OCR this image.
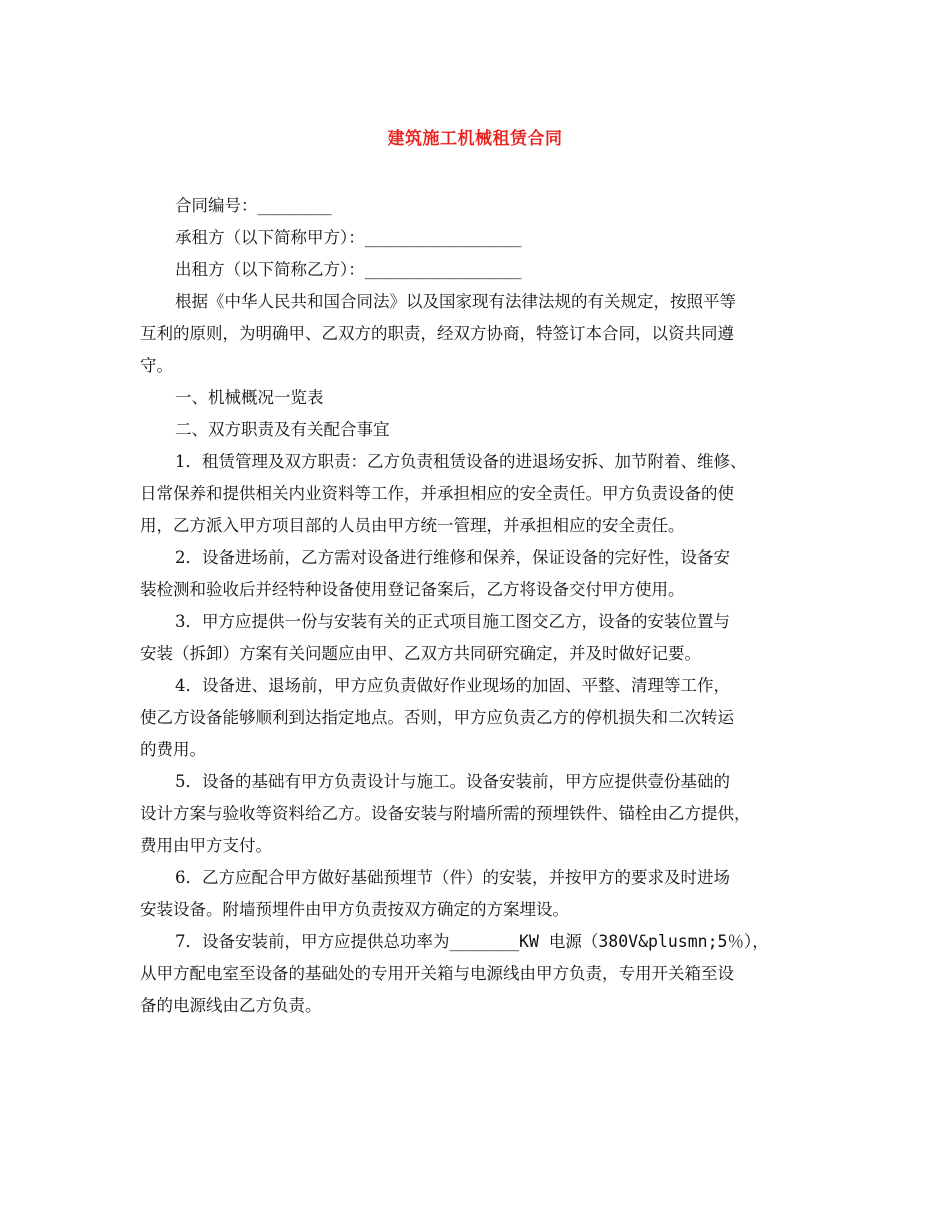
建筑施工机械租赁合同

合同编号：_________

承租方（以下简称甲方）：___________________

出租方（以下简称乙方）：___________________

根据《中华人民共和国合同法》以及国家现有法律法规的有关规定，按照平等

互利的原则，为明确甲、乙双方的职责，经双方协商，特签订本合同，以资共同遵

守。

一、机械概况一览表

二、双方职责及有关配合事宜

1．租赁管理及双方职责：乙方负责租赁设备的进退场安拆、加节附着、维修、

日常保养和提供相关内业资料等工作，并承担相应的安全责任。甲方负责设备的使

用，乙方派入甲方项目部的人员由甲方统一管理，并承担相应的安全责任。

2．设备进场前，乙方需对设备进行维修和保养，保证设备的完好性，设备安

装检测和验收后并经特种设备使用登记备案后，乙方将设备交付甲方使用。

3．甲方应提供一份与安装有关的正式项目施工图交乙方，设备的安装位置与

安装（拆卸）方案有关问题应由甲、乙双方共同研究确定，并及时做好记要。

4．设备进、退场前，甲方应负责做好作业现场的加固、平整、清理等工作，

使乙方设备能够顺利到达指定地点。否则，甲方应负责乙方的停机损失和二次转运

的费用。

5．设备的基础有甲方负责设计与施工。设备安装前，甲方应提供壹份基础的

设计方案与验收等资料给乙方。设备安装与附墙所需的预埋铁件、锚栓由乙方提供，

费用由甲方支付。

6．乙方应配合甲方做好基础预埋节（件）的安装，并按甲方的要求及时进场

安装设备。附墙预埋件由甲方负责按双方确定的方案埋设。

7．设备安装前，甲方应提供总功率为_______KW 电源（380V&plusmn;5％），

从甲方配电室至设备的基础处的专用开关箱与电源线由甲方负责，专用开关箱至设

备的电源线由乙方负责。
